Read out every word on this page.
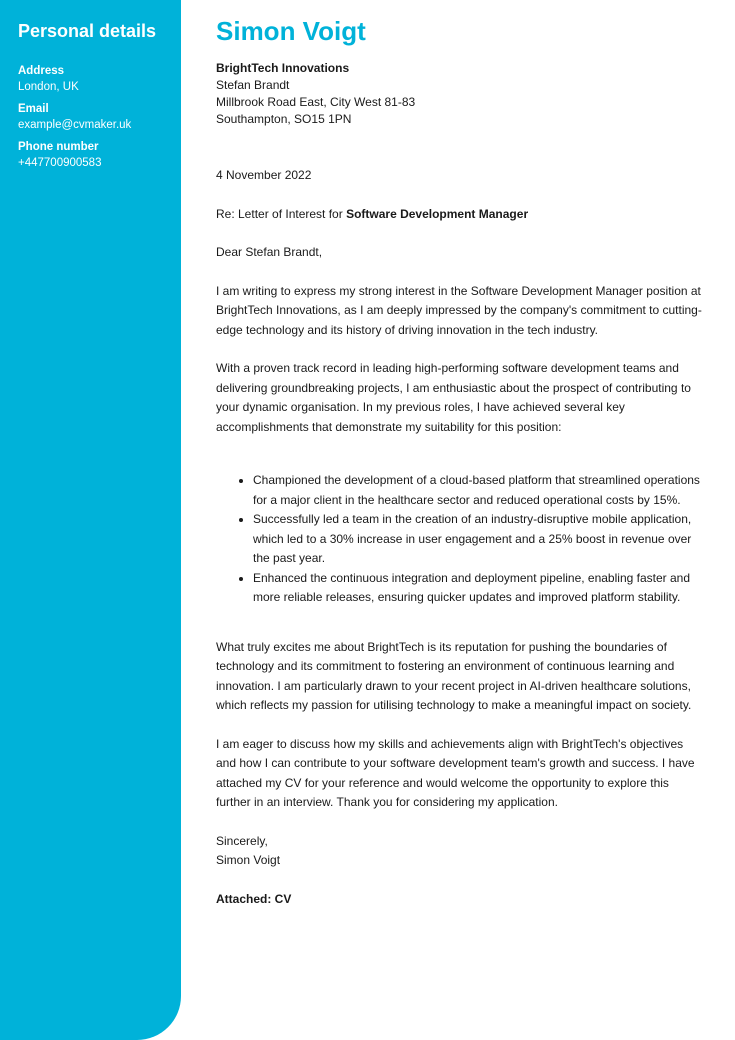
Personal details
Address
London, UK
Email
example@cvmaker.uk
Phone number
+447700900583
Simon Voigt
BrightTech Innovations
Stefan Brandt
Millbrook Road East, City West 81-83
Southampton, SO15 1PN
4 November 2022
Re: Letter of Interest for Software Development Manager
Dear Stefan Brandt,

I am writing to express my strong interest in the Software Development Manager position at BrightTech Innovations, as I am deeply impressed by the company's commitment to cutting-edge technology and its history of driving innovation in the tech industry.

With a proven track record in leading high-performing software development teams and delivering groundbreaking projects, I am enthusiastic about the prospect of contributing to your dynamic organisation. In my previous roles, I have achieved several key accomplishments that demonstrate my suitability for this position:

• Championed the development of a cloud-based platform that streamlined operations for a major client in the healthcare sector and reduced operational costs by 15%.
• Successfully led a team in the creation of an industry-disruptive mobile application, which led to a 30% increase in user engagement and a 25% boost in revenue over the past year.
• Enhanced the continuous integration and deployment pipeline, enabling faster and more reliable releases, ensuring quicker updates and improved platform stability.

What truly excites me about BrightTech is its reputation for pushing the boundaries of technology and its commitment to fostering an environment of continuous learning and innovation. I am particularly drawn to your recent project in AI-driven healthcare solutions, which reflects my passion for utilising technology to make a meaningful impact on society.

I am eager to discuss how my skills and achievements align with BrightTech's objectives and how I can contribute to your software development team's growth and success. I have attached my CV for your reference and would welcome the opportunity to explore this further in an interview. Thank you for considering my application.

Sincerely,
Simon Voigt
Attached: CV
